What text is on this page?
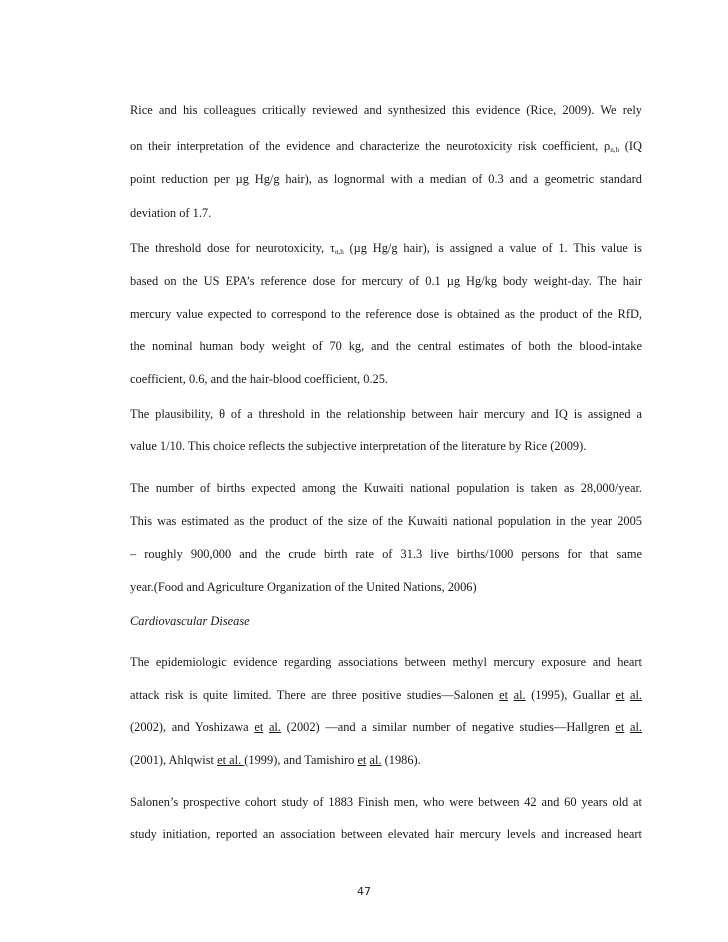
Rice and his colleagues critically reviewed and synthesized this evidence (Rice, 2009). We rely
on their interpretation of the evidence and characterize the neurotoxicity risk coefficient, $\rho_{n,h}$ (IQ
point reduction per µg Hg/g hair), as lognormal with a median of 0.3 and a geometric standard
deviation of 1.7.
The threshold dose for neurotoxicity, $\tau_{n,h}$ (µg Hg/g hair), is assigned a value of 1. This value is
based on the US EPA’s reference dose for mercury of 0.1 µg Hg/kg body weight-day. The hair
mercury value expected to correspond to the reference dose is obtained as the product of the RfD,
the nominal human body weight of 70 kg, and the central estimates of both the blood-intake
coefficient, 0.6, and the hair-blood coefficient, 0.25.
The plausibility, θ of a threshold in the relationship between hair mercury and IQ is assigned a
value 1/10. This choice reflects the subjective interpretation of the literature by Rice (2009).
The number of births expected among the Kuwaiti national population is taken as 28,000/year.
This was estimated as the product of the size of the Kuwaiti national population in the year 2005
– roughly 900,000 and the crude birth rate of 31.3 live births/1000 persons for that same
year.(Food and Agriculture Organization of the United Nations, 2006)
Cardiovascular Disease
The epidemiologic evidence regarding associations between methyl mercury exposure and heart
attack risk is quite limited. There are three positive studies—Salonen et al. (1995), Guallar et al.
(2002), and Yoshizawa et al. (2002) —and a similar number of negative studies—Hallgren et al.
(2001), Ahlqwist et al. (1999), and Tamishiro et al. (1986).
Salonen’s prospective cohort study of 1883 Finish men, who were between 42 and 60 years old at
study initiation, reported an association between elevated hair mercury levels and increased heart
47
